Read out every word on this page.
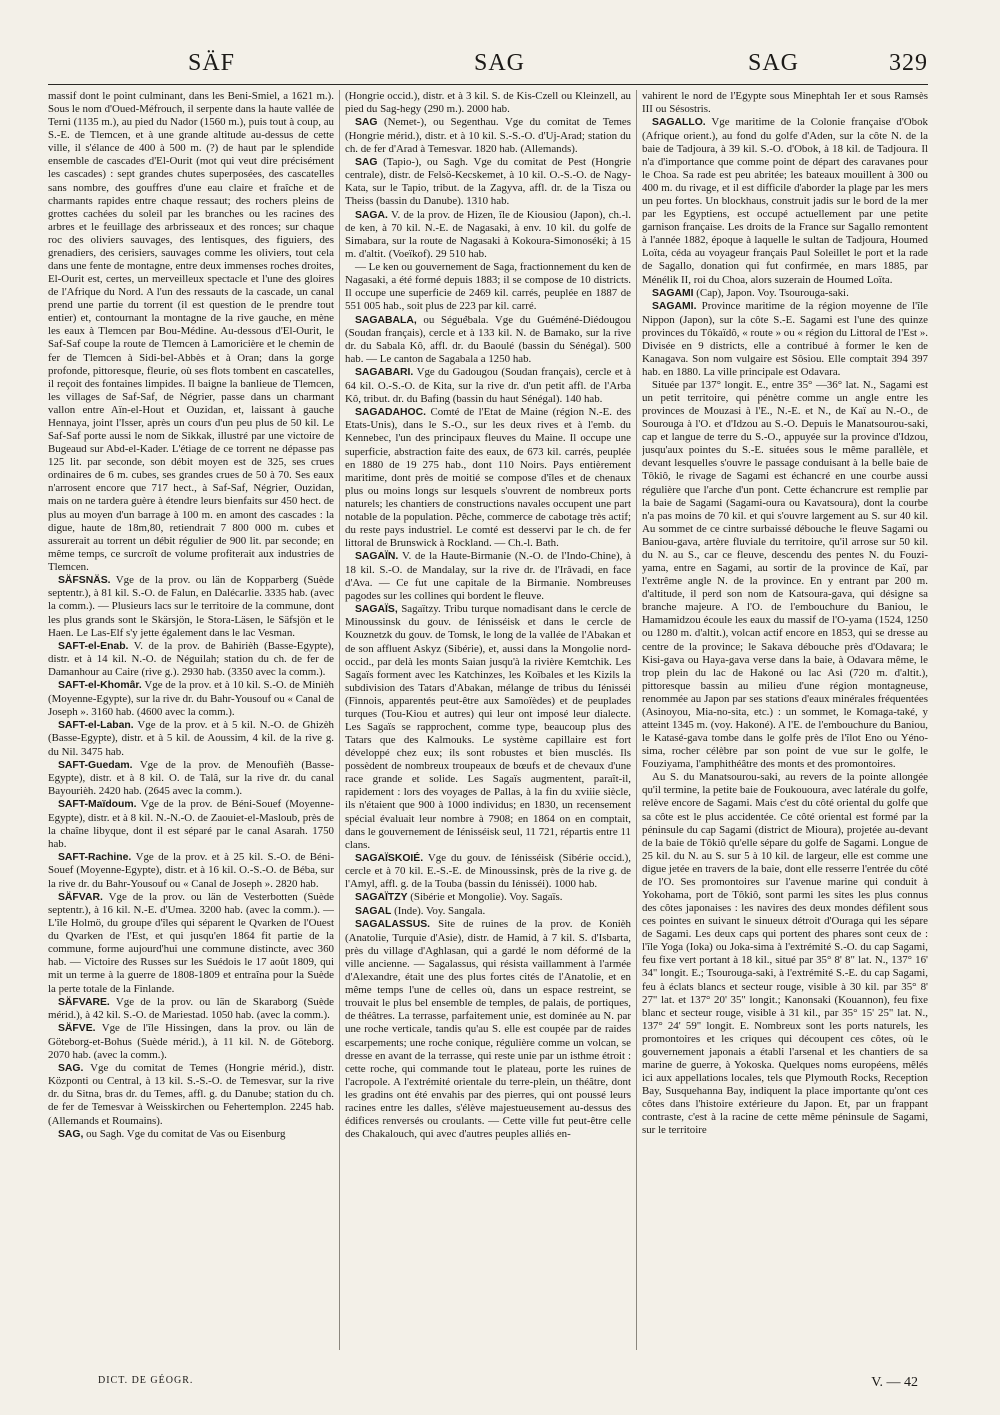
SÄF	SAG	SAG	329

massif dont le point culminant, dans les Beni-Smiel, a 1621 m.). Sous le nom d'Oued-Méfrouch, il serpente dans la haute vallée de Terni (1135 m.), au pied du Nador (1560 m.), puis tout à coup, au S.-E. de Tlemcen, et à une grande altitude au-dessus de cette ville, il s'élance de 400 à 500 m. (?) de haut par le splendide ensemble de cascades d'El-Ourit (mot qui veut dire précisément les cascades) : sept grandes chutes superposées, des cascatelles sans nombre, des gouffres d'une eau claire et fraîche et de charmants rapides entre chaque ressaut; des rochers pleins de grottes cachées du soleil par les branches ou les racines des arbres et le feuillage des arbrisseaux et des ronces; sur chaque roc des oliviers sauvages, des lentisques, des figuiers, des grenadiers, des cerisiers, sauvages comme les oliviers, tout cela dans une fente de montagne, entre deux immenses roches droites, El-Ourit est, certes, un merveilleux spectacle et l'une des gloires de l'Afrique du Nord. A l'un des ressauts de la cascade, un canal prend une partie du torrent (il est question de le prendre tout entier) et, contournant la montagne de la rive gauche, en mène les eaux à Tlemcen par Bou-Médine. Au-dessous d'El-Ourit, le Saf-Saf coupe la route de Tlemcen à Lamoricière et le chemin de fer de Tlemcen à Sidi-bel-Abbès et à Oran; dans la gorge profonde, pittoresque, fleurie, où ses flots tombent en cascatelles, il reçoit des fontaines limpides. Il baigne la banlieue de Tlemcen, les villages de Saf-Saf, de Négrier, passe dans un charmant vallon entre Aïn-el-Hout et Ouzidan, et, laissant à gauche Hennaya, joint l'Isser, après un cours d'un peu plus de 50 kil. Le Saf-Saf porte aussi le nom de Sikkak, illustré par une victoire de Bugeaud sur Abd-el-Kader. L'étiage de ce torrent ne dépasse pas 125 lit. par seconde, son débit moyen est de 325, ses crues ordinaires de 6 m. cubes, ses grandes crues de 50 à 70. Ses eaux n'arrosent encore que 717 hect., à Saf-Saf, Négrier, Ouzidan, mais on ne tardera guère à étendre leurs bienfaits sur 450 hect. de plus au moyen d'un barrage à 100 m. en amont des cascades : la digue, haute de 18m,80, retiendrait 7 800 000 m. cubes et assurerait au torrent un débit régulier de 900 lit. par seconde; en même temps, ce surcroît de volume profiterait aux industries de Tlemcen.

SÄFSNÄS. Vge de la prov. ou län de Kopparberg (Suède septentr.), à 81 kil. S.-O. de Falun, en Dalécarlie. 3335 hab. (avec la comm.). — Plusieurs lacs sur le territoire de la commune, dont les plus grands sont le Skärsjön, le Stora-Läsen, le Säfsjön et le Haen. Le Las-Elf s'y jette également dans le lac Vesman.

SAFT-el-Enab. V. de la prov. de Bahirièh (Basse-Egypte), distr. et à 14 kil. N.-O. de Néguilah; station du ch. de fer de Damanhour au Caire (rive g.). 2930 hab. (3350 avec la comm.).

SAFT-el-Khomâr. Vge de la prov. et à 10 kil. S.-O. de Minièh (Moyenne-Egypte), sur la rive dr. du Bahr-Yousouf ou « Canal de Joseph ». 3160 hab. (4600 avec la comm.).

SAFT-el-Laban. Vge de la prov. et à 5 kil. N.-O. de Ghizèh (Basse-Egypte), distr. et à 5 kil. de Aoussim, 4 kil. de la rive g. du Nil. 3475 hab.

SAFT-Guedam. Vge de la prov. de Menoufièh (Basse-Egypte), distr. et à 8 kil. O. de Talâ, sur la rive dr. du canal Bayourièh. 2420 hab. (2645 avec la comm.).

SAFT-Maïdoum. Vge de la prov. de Béni-Souef (Moyenne-Egypte), distr. et à 8 kil. N.-N.-O. de Zaouiet-el-Masloub, près de la chaîne libyque, dont il est séparé par le canal Asarah. 1750 hab.

SAFT-Rachine. Vge de la prov. et à 25 kil. S.-O. de Béni-Souef (Moyenne-Egypte), distr. et à 16 kil. O.-S.-O. de Béba, sur la rive dr. du Bahr-Yousouf ou « Canal de Joseph ». 2820 hab.

SÄFVAR. Vge de la prov. ou län de Vesterbotten (Suède septentr.), à 16 kil. N.-E. d'Umea. 3200 hab. (avec la comm.). — L'île Holmö, du groupe d'îles qui séparent le Qvarken de l'Ouest du Qvarken de l'Est, et qui jusqu'en 1864 fit partie de la commune, forme aujourd'hui une commune distincte, avec 360 hab. — Victoire des Russes sur les Suédois le 17 août 1809, qui mit un terme à la guerre de 1808-1809 et entraîna pour la Suède la perte totale de la Finlande.

SÄFVARE. Vge de la prov. ou län de Skaraborg (Suède mérid.), à 42 kil. S.-O. de Mariestad. 1050 hab. (avec la comm.).

SÄFVE. Vge de l'île Hissingen, dans la prov. ou län de Göteborg-et-Bohus (Suède mérid.), à 11 kil. N. de Göteborg. 2070 hab. (avec la comm.).

SAG. Vge du comitat de Temes (Hongrie mérid.), distr. Központi ou Central, à 13 kil. S.-S.-O. de Temesvar, sur la rive dr. du Sitna, bras dr. du Temes, affl. g. du Danube; station du ch. de fer de Temesvar à Weisskirchen ou Fehertemplon. 2245 hab. (Allemands et Roumains).

SAG, ou Sagh. Vge du comitat de Vas ou Eisenburg

(Hongrie occid.), distr. et à 3 kil. S. de Kis-Czell ou Kleinzell, au pied du Sag-hegy (290 m.). 2000 hab.

SAG (Nemet-), ou Segenthau. Vge du comitat de Temes (Hongrie mérid.), distr. et à 10 kil. S.-S.-O. d'Uj-Arad; station du ch. de fer d'Arad à Temesvar. 1820 hab. (Allemands).

SAG (Tapio-), ou Sagh. Vge du comitat de Pest (Hongrie centrale), distr. de Felsö-Kecskemet, à 10 kil. O.-S.-O. de Nagy-Kata, sur le Tapio, tribut. de la Zagyva, affl. dr. de la Tisza ou Theiss (bassin du Danube). 1310 hab.

SAGA. V. de la prov. de Hizen, île de Kiousiou (Japon), ch.-l. de ken, à 70 kil. N.-E. de Nagasaki, à env. 10 kil. du golfe de Simabara, sur la route de Nagasaki à Kokoura-Simonoséki; à 15 m. d'altit. (Voeïkof). 29 510 hab.

— Le ken ou gouvernement de Saga, fractionnement du ken de Nagasaki, a été formé depuis 1883; il se compose de 10 districts. Il occupe une superficie de 2469 kil. carrés, peuplée en 1887 de 551 005 hab., soit plus de 223 par kil. carré.

SAGABALA, ou Ségué̈bala. Vge du Guéméné-Diédougou (Soudan français), cercle et à 133 kil. N. de Bamako, sur la rive dr. du Sabala Kô, affl. dr. du Baoulé (bassin du Sénégal). 500 hab. — Le canton de Sagabala a 1250 hab.

SAGABARI. Vge du Gadougou (Soudan français), cercle et à 64 kil. O.-S.-O. de Kita, sur la rive dr. d'un petit affl. de l'Arba Kô, tribut. dr. du Bafing (bassin du haut Sénégal). 140 hab.

SAGADAHOC. Comté de l'Etat de Maine (région N.-E. des Etats-Unis), dans le S.-O., sur les deux rives et à l'emb. du Kennebec, l'un des principaux fleuves du Maine. Il occupe une superficie, abstraction faite des eaux, de 673 kil. carrés, peuplée en 1880 de 19 275 hab., dont 110 Noirs. Pays entièrement maritime, dont près de moitié se compose d'îles et de chenaux plus ou moins longs sur lesquels s'ouvrent de nombreux ports naturels; les chantiers de constructions navales occupent une part notable de la population. Pêche, commerce de cabotage très actif; du reste pays industriel. Le comté est desservi par le ch. de fer littoral de Brunswick à Rockland. — Ch.-l. Bath.

SAGAÏN. V. de la Haute-Birmanie (N.-O. de l'Indo-Chine), à 18 kil. S.-O. de Mandalay, sur la rive dr. de l'Irâvadi, en face d'Ava. — Ce fut une capitale de la Birmanie. Nombreuses pagodes sur les collines qui bordent le fleuve.

SAGAÏS, Sagaïtzy. Tribu turque nomadisant dans le cercle de Minoussinsk du gouv. de Iénisséisk et dans le cercle de Kouznetzk du gouv. de Tomsk, le long de la vallée de l'Abakan et de son affluent Askyz (Sibérie), et, aussi dans la Mongolie nord-occid., par delà les monts Saian jusqu'à la rivière Kemtchik. Les Sagaïs forment avec les Katchinzes, les Koïbales et les Kizils la subdivision des Tatars d'Abakan, mélange de tribus du Iénisséi (Finnois, apparentés peut-être aux Samoïèdes) et de peuplades turques (Tou-Kiou et autres) qui leur ont imposé leur dialecte. Les Sagaïs se rapprochent, comme type, beaucoup plus des Tatars que des Kalmouks. Le système capillaire est fort développé chez eux; ils sont robustes et bien musclés. Ils possèdent de nombreux troupeaux de bœufs et de chevaux d'une race grande et solide. Les Sagaïs augmentent, paraît-il, rapidement : lors des voyages de Pallas, à la fin du xviiie siècle, ils n'étaient que 900 à 1000 individus; en 1830, un recensement spécial évaluait leur nombre à 7908; en 1864 on en comptait, dans le gouvernement de Iénisséisk seul, 11 721, répartis entre 11 clans.

SAGAÏSKOIÉ. Vge du gouv. de Iénisséisk (Sibérie occid.), cercle et à 70 kil. E.-S.-E. de Minoussinsk, près de la rive g. de l'Amyl, affl. g. de la Touba (bassin du Iénisséi). 1000 hab.

SAGAÏTZY (Sibérie et Mongolie). Voy. Sagaïs.

SAGAL (Inde). Voy. Sangala.

SAGALASSUS. Site de ruines de la prov. de Konièh (Anatolie, Turquie d'Asie), distr. de Hamid, à 7 kil. S. d'Isbarta, près du village d'Aghlasan, qui a gardé le nom déformé de la ville ancienne. — Sagalassus, qui résista vaillamment à l'armée d'Alexandre, était une des plus fortes cités de l'Anatolie, et en même temps l'une de celles où, dans un espace restreint, se trouvait le plus bel ensemble de temples, de palais, de portiques, de théâtres. La terrasse, parfaitement unie, est dominée au N. par une roche verticale, tandis qu'au S. elle est coupée par de raides escarpements; une roche conique, régulière comme un volcan, se dresse en avant de la terrasse, qui reste unie par un isthme étroit : cette roche, qui commande tout le plateau, porte les ruines de l'acropole. A l'extrémité orientale du terre-plein, un théâtre, dont les gradins ont été envahis par des pierres, qui ont poussé leurs racines entre les dalles, s'élève majestueusement au-dessus des édifices renversés ou croulants. — Cette ville fut peut-être celle des Chakalouch, qui avec d'autres peuples alliés en-

vahirent le nord de l'Egypte sous Minephtah Ier et sous Ramsès III ou Sésostris.

SAGALLO. Vge maritime de la Colonie française d'Obok (Afrique orient.), au fond du golfe d'Aden, sur la côte N. de la baie de Tadjoura, à 39 kil. S.-O. d'Obok, à 18 kil. de Tadjoura. Il n'a d'importance que comme point de départ des caravanes pour le Choa. Sa rade est peu abritée; les bateaux mouillent à 300 ou 400 m. du rivage, et il est difficile d'aborder la plage par les mers un peu fortes. Un blockhaus, construit jadis sur le bord de la mer par les Egyptiens, est occupé actuellement par une petite garnison française. Les droits de la France sur Sagallo remontent à l'année 1882, époque à laquelle le sultan de Tadjoura, Houmed Loïta, céda au voyageur français Paul Soleillet le port et la rade de Sagallo, donation qui fut confirmée, en mars 1885, par Ménélik II, roi du Choa, alors suzerain de Houmed Loïta.

SAGAMI (Cap), Japon. Voy. Tsourouga-saki.

SAGAMI. Province maritime de la région moyenne de l'île Nippon (Japon), sur la côte S.-E. Sagami est l'une des quinze provinces du Tôkaïdô, « route » ou « région du Littoral de l'Est ». Divisée en 9 districts, elle a contribué à former le ken de Kanagava. Son nom vulgaire est Sôsiou. Elle comptait 394 397 hab. en 1880. La ville principale est Odavara.

Située par 137° longit. E., entre 35° —36° lat. N., Sagami est un petit territoire, qui pénètre comme un angle entre les provinces de Mouzasi à l'E., N.-E. et N., de Kaï au N.-O., de Sourouga à l'O. et d'Idzou au S.-O. Depuis le Manatsourou-saki, cap et langue de terre du S.-O., appuyée sur la province d'Idzou, jusqu'aux pointes du S.-E. situées sous le même parallèle, et devant lesquelles s'ouvre le passage conduisant à la belle baie de Tôkiô, le rivage de Sagami est échancré en une courbe aussi régulière que l'arche d'un pont. Cette échancrure est remplie par la baie de Sagami (Sagami-oura ou Kavatsoura), dont la courbe n'a pas moins de 70 kil. et qui s'ouvre largement au S. sur 40 kil. Au sommet de ce cintre surbaissé débouche le fleuve Sagami ou Baniou-gava, artère fluviale du territoire, qu'il arrose sur 50 kil. du N. au S., car ce fleuve, descendu des pentes N. du Fouzi-yama, entre en Sagami, au sortir de la province de Kaï, par l'extrême angle N. de la province. En y entrant par 200 m. d'altitude, il perd son nom de Katsoura-gava, qui désigne sa branche majeure. A l'O. de l'embouchure du Baniou, le Hamamidzou écoule les eaux du massif de l'O-yama (1524, 1250 ou 1280 m. d'altit.), volcan actif encore en 1853, qui se dresse au centre de la province; le Sakava débouche près d'Odavara; le Kisi-gava ou Haya-gava verse dans la baie, à Odavara même, le trop plein du lac de Hakoné ou lac Asi (720 m. d'altit.), pittoresque bassin au milieu d'une région montagneuse, renommée au Japon par ses stations d'eaux minérales fréquentées (Asinoyou, Mia-no-sita, etc.) : un sommet, le Komaga-také, y atteint 1345 m. (voy. Hakoné). A l'E. de l'embouchure du Baniou, le Katasé-gava tombe dans le golfe près de l'îlot Eno ou Yéno-sima, rocher célèbre par son point de vue sur le golfe, le Fouziyama, l'amphithéâtre des monts et des promontoires.

Au S. du Manatsourou-saki, au revers de la pointe allongée qu'il termine, la petite baie de Foukououra, avec latérale du golfe, relève encore de Sagami. Mais c'est du côté oriental du golfe que sa côte est le plus accidentée. Ce côté oriental est formé par la péninsule du cap Sagami (district de Mioura), projetée au-devant de la baie de Tôkiô qu'elle sépare du golfe de Sagami. Longue de 25 kil. du N. au S. sur 5 à 10 kil. de largeur, elle est comme une digue jetée en travers de la baie, dont elle resserre l'entrée du côté de l'O. Ses promontoires sur l'avenue marine qui conduit à Yokohama, port de Tôkiô, sont parmi les sites les plus connus des côtes japonaises : les navires des deux mondes défilent sous ces pointes en suivant le sinueux détroit d'Ouraga qui les sépare de Sagami. Les deux caps qui portent des phares sont ceux de : l'île Yoga (Ioka) ou Joka-sima à l'extrémité S.-O. du cap Sagami, feu fixe vert portant à 18 kil., situé par 35° 8' 8" lat. N., 137° 16' 34" longit. E.; Tsourouga-saki, à l'extrémité S.-E. du cap Sagami, feu à éclats blancs et secteur rouge, visible à 30 kil. par 35° 8' 27" lat. et 137° 20' 35" longit.; Kanonsaki (Kouannon), feu fixe blanc et secteur rouge, visible à 31 kil., par 35° 15' 25" lat. N., 137° 24' 59" longit. E. Nombreux sont les ports naturels, les promontoires et les criques qui découpent ces côtes, où le gouvernement japonais a établi l'arsenal et les chantiers de sa marine de guerre, à Yokoska. Quelques noms européens, mêlés ici aux appellations locales, tels que Plymouth Rocks, Reception Bay, Susquehanna Bay, indiquent la place importante qu'ont ces côtes dans l'histoire extérieure du Japon. Et, par un frappant contraste, c'est à la racine de cette même péninsule de Sagami, sur le territoire

DICT. DE GÉOGR.	V. — 42
